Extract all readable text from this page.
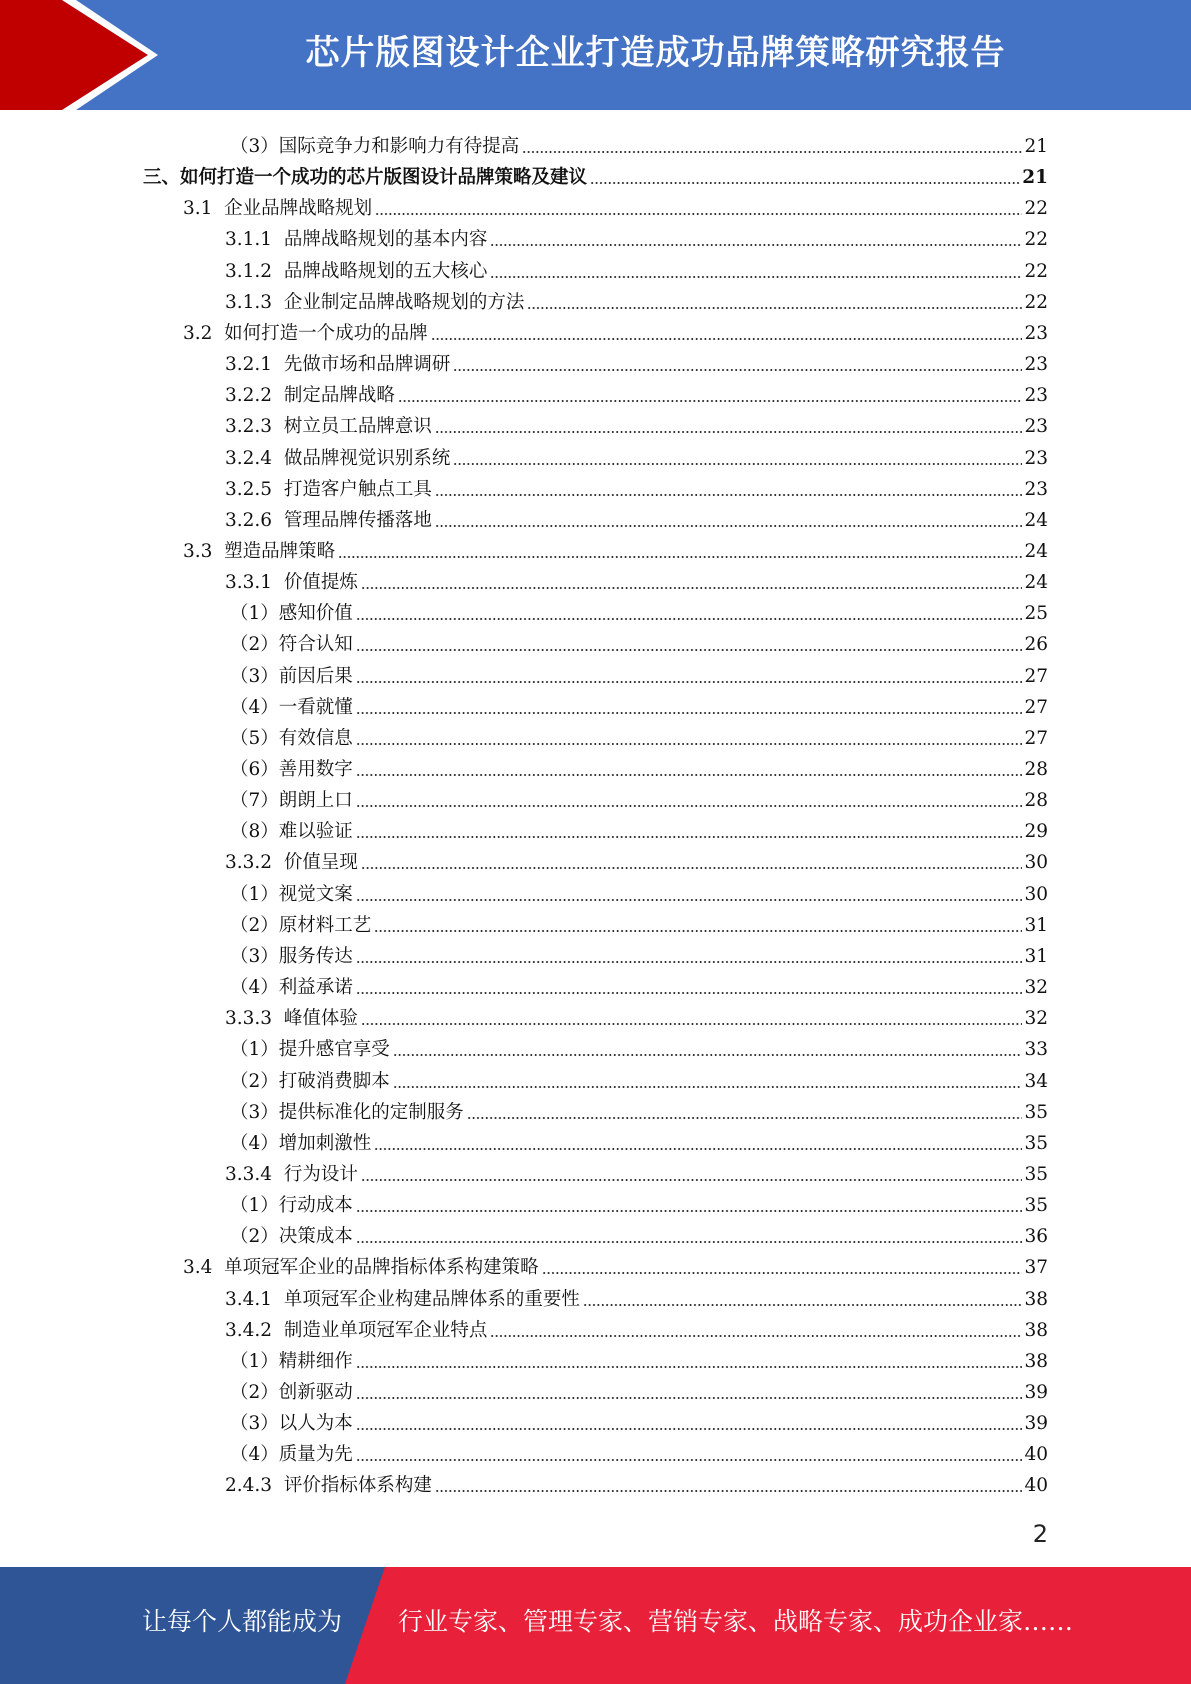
芯片版图设计企业打造成功品牌策略研究报告
（3）国际竞争力和影响力有待提高	21
三、如何打造一个成功的芯片版图设计品牌策略及建议	21
3.1  企业品牌战略规划	22
3.1.1  品牌战略规划的基本内容	22
3.1.2  品牌战略规划的五大核心	22
3.1.3  企业制定品牌战略规划的方法	22
3.2  如何打造一个成功的品牌	23
3.2.1  先做市场和品牌调研	23
3.2.2  制定品牌战略	23
3.2.3  树立员工品牌意识	23
3.2.4  做品牌视觉识别系统	23
3.2.5  打造客户触点工具	23
3.2.6  管理品牌传播落地	24
3.3  塑造品牌策略	24
3.3.1  价值提炼	24
（1）感知价值	25
（2）符合认知	26
（3）前因后果	27
（4）一看就懂	27
（5）有效信息	27
（6）善用数字	28
（7）朗朗上口	28
（8）难以验证	29
3.3.2  价值呈现	30
（1）视觉文案	30
（2）原材料工艺	31
（3）服务传达	31
（4）利益承诺	32
3.3.3  峰值体验	32
（1）提升感官享受	33
（2）打破消费脚本	34
（3）提供标准化的定制服务	35
（4）增加刺激性	35
3.3.4  行为设计	35
（1）行动成本	35
（2）决策成本	36
3.4  单项冠军企业的品牌指标体系构建策略	37
3.4.1  单项冠军企业构建品牌体系的重要性	38
3.4.2  制造业单项冠军企业特点	38
（1）精耕细作	38
（2）创新驱动	39
（3）以人为本	39
（4）质量为先	40
2.4.3  评价指标体系构建	40
2
让每个人都能成为 行业专家、管理专家、营销专家、战略专家、成功企业家……
